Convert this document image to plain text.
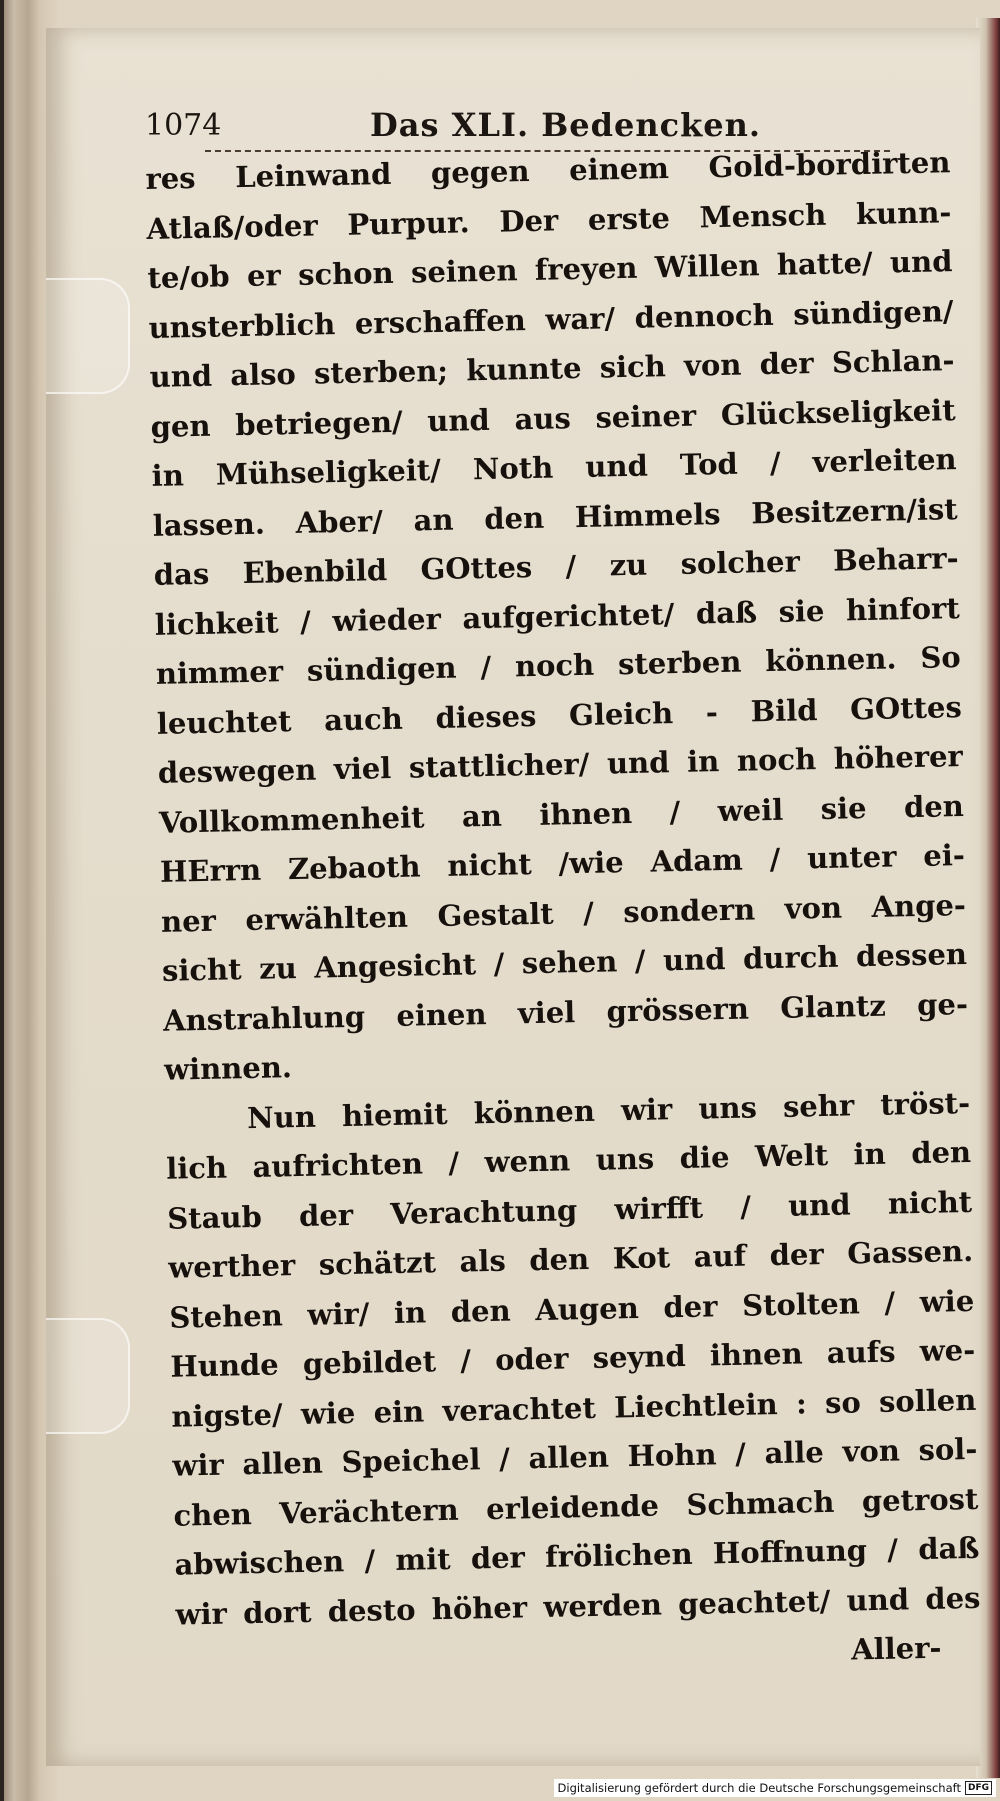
1074	Das XLI. Bedencken.
res Leinwand gegen einem Gold-bordirten
Atlaß/oder Purpur. Der erste Mensch kunn-
te/ob er schon seinen freyen Willen hatte/ und
unsterblich erschaffen war/ dennoch sündigen/
und also sterben; kunnte sich von der Schlan-
gen betriegen/ und aus seiner Glückseligkeit
in Mühseligkeit/ Noth und Tod / verleiten
lassen. Aber/ an den Himmels Besitzern/ist
das Ebenbild GOttes / zu solcher Beharr-
lichkeit / wieder aufgerichtet/ daß sie hinfort
nimmer sündigen / noch sterben können. So
leuchtet auch dieses Gleich - Bild GOttes
deswegen viel stattlicher/ und in noch höherer
Vollkommenheit an ihnen / weil sie den
HErrn Zebaoth nicht /wie Adam / unter ei-
ner erwählten Gestalt / sondern von Ange-
sicht zu Angesicht / sehen / und durch dessen
Anstrahlung einen viel grössern Glantz ge-
winnen.
Nun hiemit können wir uns sehr tröst-
lich aufrichten / wenn uns die Welt in den
Staub der Verachtung wirfft / und nicht
werther schätzt als den Kot auf der Gassen.
Stehen wir/ in den Augen der Stolten / wie
Hunde gebildet / oder seynd ihnen aufs we-
nigste/ wie ein verachtet Liechtlein : so sollen
wir allen Speichel / allen Hohn / alle von sol-
chen Verächtern erleidende Schmach getrost
abwischen / mit der frölichen Hoffnung / daß
wir dort desto höher werden geachtet/ und des
Aller-
Digitalisierung gefördert durch die Deutsche Forschungsgemeinschaft DFG
